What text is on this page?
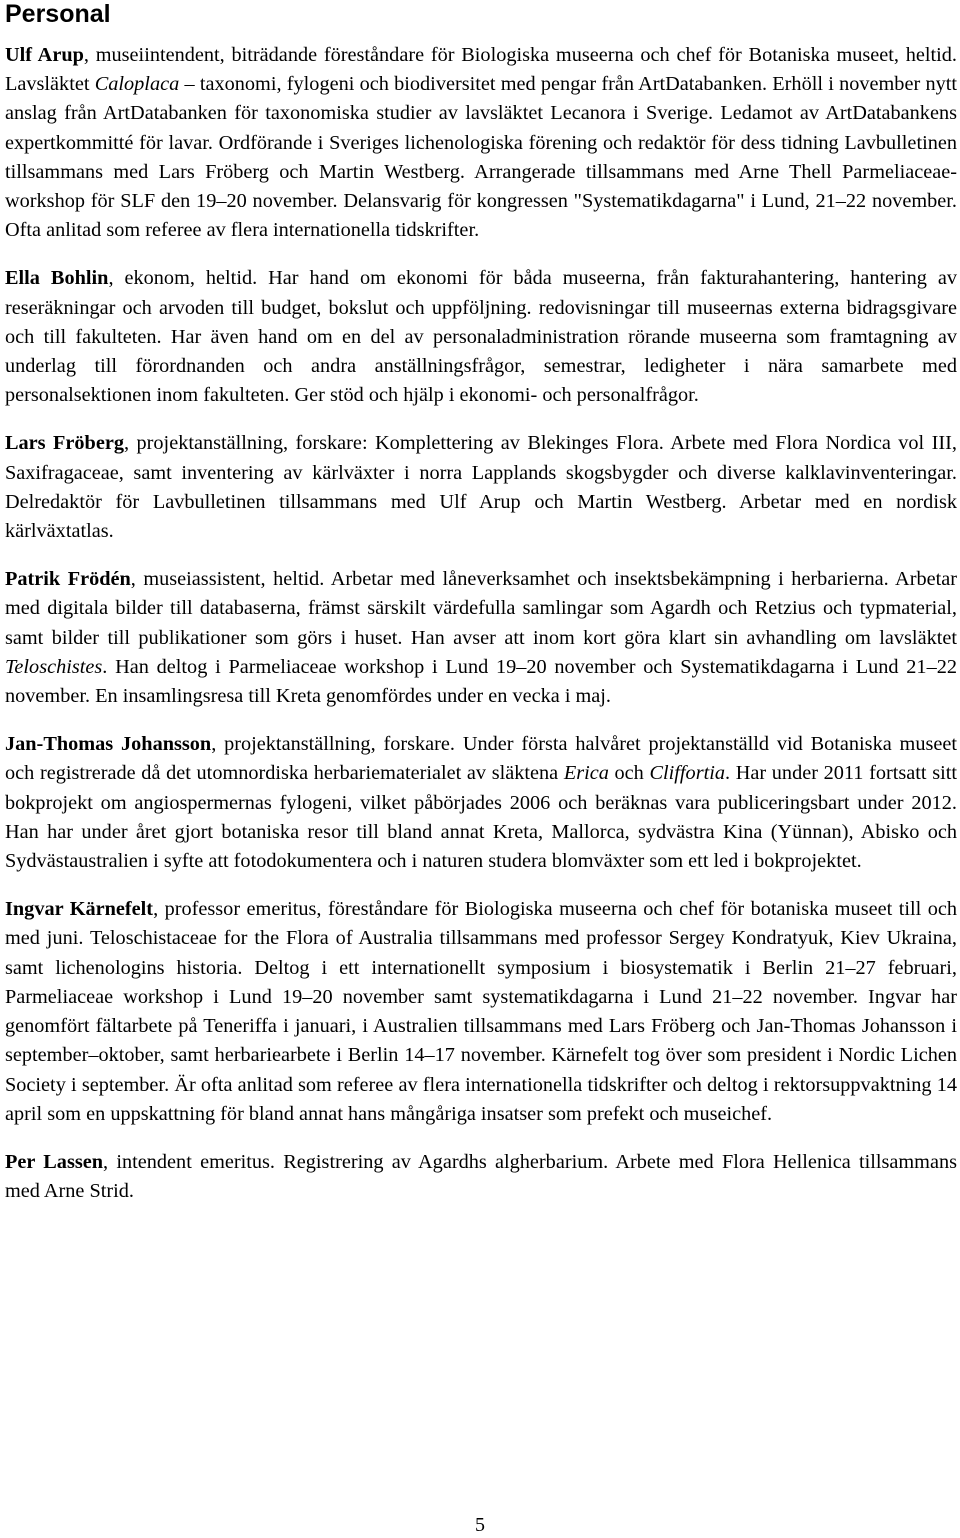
Personal

Ulf Arup, museiintendent, biträdande föreståndare för Biologiska museerna och chef för Botaniska museet, heltid. Lavsläktet Caloplaca – taxonomi, fylogeni och biodiversitet med pengar från ArtDatabanken. Erhöll i november nytt anslag från ArtDatabanken för taxonomiska studier av lavsläktet Lecanora i Sverige. Ledamot av ArtDatabankens expertkommitté för lavar. Ordförande i Sveriges lichenologiska förening och redaktör för dess tidning Lavbulletinen tillsammans med Lars Fröberg och Martin Westberg. Arrangerade tillsammans med Arne Thell Parmeliaceae-workshop för SLF den 19–20 november. Delansvarig för kongressen "Systematikdagarna" i Lund, 21–22 november. Ofta anlitad som referee av flera internationella tidskrifter.

Ella Bohlin, ekonom, heltid. Har hand om ekonomi för båda museerna, från fakturahantering, hantering av reseräkningar och arvoden till budget, bokslut och uppföljning. redovisningar till museernas externa bidragsgivare och till fakulteten. Har även hand om en del av personaladministration rörande museerna som framtagning av underlag till förordnanden och andra anställningsfrågor, semestrar, ledigheter i nära samarbete med personalsektionen inom fakulteten. Ger stöd och hjälp i ekonomi- och personalfrågor.

Lars Fröberg, projektanställning, forskare: Komplettering av Blekinges Flora. Arbete med Flora Nordica vol III, Saxifragaceae, samt inventering av kärlväxter i norra Lapplands skogsbygder och diverse kalklavinventeringar. Delredaktör för Lavbulletinen tillsammans med Ulf Arup och Martin Westberg. Arbetar med en nordisk kärlväxtatlas.

Patrik Frödén, museiassistent, heltid. Arbetar med låneverksamhet och insektsbekämpning i herbarierna. Arbetar med digitala bilder till databaserna, främst särskilt värdefulla samlingar som Agardh och Retzius och typmaterial, samt bilder till publikationer som görs i huset. Han avser att inom kort göra klart sin avhandling om lavsläktet Teloschistes. Han deltog i Parmeliaceae workshop i Lund 19–20 november och Systematikdagarna i Lund 21–22 november. En insamlingsresa till Kreta genomfördes under en vecka i maj.

Jan-Thomas Johansson, projektanställning, forskare. Under första halvåret projektanställd vid Botaniska museet och registrerade då det utomnordiska herbariematerialet av släktena Erica och Cliffortia. Har under 2011 fortsatt sitt bokprojekt om angiospermernas fylogeni, vilket påbörjades 2006 och beräknas vara publiceringsbart under 2012. Han har under året gjort botaniska resor till bland annat Kreta, Mallorca, sydvästra Kina (Yünnan), Abisko och Sydvästaustralien i syfte att fotodokumentera och i naturen studera blomväxter som ett led i bokprojektet.

Ingvar Kärnefelt, professor emeritus, föreståndare för Biologiska museerna och chef för botaniska museet till och med juni. Teloschistaceae for the Flora of Australia tillsammans med professor Sergey Kondratyuk, Kiev Ukraina, samt lichenologins historia. Deltog i ett internationellt symposium i biosystematik i Berlin 21–27 februari, Parmeliaceae workshop i Lund 19–20 november samt systematikdagarna i Lund 21–22 november. Ingvar har genomfört fältarbete på Teneriffa i januari, i Australien tillsammans med Lars Fröberg och Jan-Thomas Johansson i september–oktober, samt herbariearbete i Berlin 14–17 november. Kärnefelt tog över som president i Nordic Lichen Society i september. Är ofta anlitad som referee av flera internationella tidskrifter och deltog i rektorsuppvaktning 14 april som en uppskattning för bland annat hans mångåriga insatser som prefekt och museichef.

Per Lassen, intendent emeritus. Registrering av Agardhs algherbarium. Arbete med Flora Hellenica tillsammans med Arne Strid.

5
